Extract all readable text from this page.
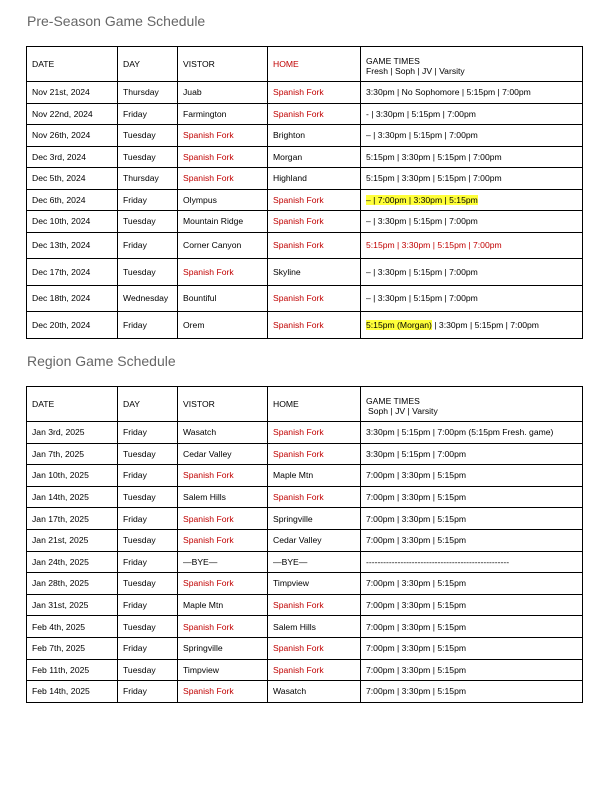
Pre-Season Game Schedule
DATE	DAY	VISTOR	HOME	GAME TIMES
Fresh | Soph | JV | Varsity

Nov 21st, 2024	Thursday	Juab	Spanish Fork	3:30pm | No Sophomore | 5:15pm | 7:00pm
Nov 22nd, 2024	Friday	Farmington	Spanish Fork	- | 3:30pm | 5:15pm | 7:00pm
Nov 26th, 2024	Tuesday	Spanish Fork	Brighton	– | 3:30pm | 5:15pm | 7:00pm
Dec 3rd, 2024	Tuesday	Spanish Fork	Morgan	5:15pm | 3:30pm | 5:15pm | 7:00pm
Dec 5th, 2024	Thursday	Spanish Fork	Highland	5:15pm | 3:30pm | 5:15pm | 7:00pm
Dec 6th, 2024	Friday	Olympus	Spanish Fork	– | 7:00pm | 3:30pm | 5:15pm
Dec 10th, 2024	Tuesday	Mountain Ridge	Spanish Fork	– | 3:30pm | 5:15pm | 7:00pm
Dec 13th, 2024	Friday	Corner Canyon	Spanish Fork	5:15pm | 3:30pm | 5:15pm | 7:00pm
Dec 17th, 2024	Tuesday	Spanish Fork	Skyline	– | 3:30pm | 5:15pm | 7:00pm
Dec 18th, 2024	Wednesday	Bountiful	Spanish Fork	– | 3:30pm | 5:15pm | 7:00pm
Dec 20th, 2024	Friday	Orem	Spanish Fork	5:15pm (Morgan) | 3:30pm | 5:15pm | 7:00pm
Region Game Schedule
DATE	DAY	VISTOR	HOME	GAME TIMES
Soph | JV | Varsity

Jan 3rd, 2025	Friday	Wasatch	Spanish Fork	3:30pm | 5:15pm | 7:00pm (5:15pm Fresh. game)
Jan 7th, 2025	Tuesday	Cedar Valley	Spanish Fork	3:30pm | 5:15pm | 7:00pm
Jan 10th, 2025	Friday	Spanish Fork	Maple Mtn	7:00pm | 3:30pm | 5:15pm
Jan 14th, 2025	Tuesday	Salem Hills	Spanish Fork	7:00pm | 3:30pm | 5:15pm
Jan 17th, 2025	Friday	Spanish Fork	Springville	7:00pm | 3:30pm | 5:15pm
Jan 21st, 2025	Tuesday	Spanish Fork	Cedar Valley	7:00pm | 3:30pm | 5:15pm
Jan 24th, 2025	Friday	—BYE—	—BYE—	--------------------------------------------------
Jan 28th, 2025	Tuesday	Spanish Fork	Timpview	7:00pm | 3:30pm | 5:15pm
Jan 31st, 2025	Friday	Maple Mtn	Spanish Fork	7:00pm | 3:30pm | 5:15pm
Feb 4th, 2025	Tuesday	Spanish Fork	Salem Hills	7:00pm | 3:30pm | 5:15pm
Feb 7th, 2025	Friday	Springville	Spanish Fork	7:00pm | 3:30pm | 5:15pm
Feb 11th, 2025	Tuesday	Timpview	Spanish Fork	7:00pm | 3:30pm | 5:15pm
Feb 14th, 2025	Friday	Spanish Fork	Wasatch	7:00pm | 3:30pm | 5:15pm
